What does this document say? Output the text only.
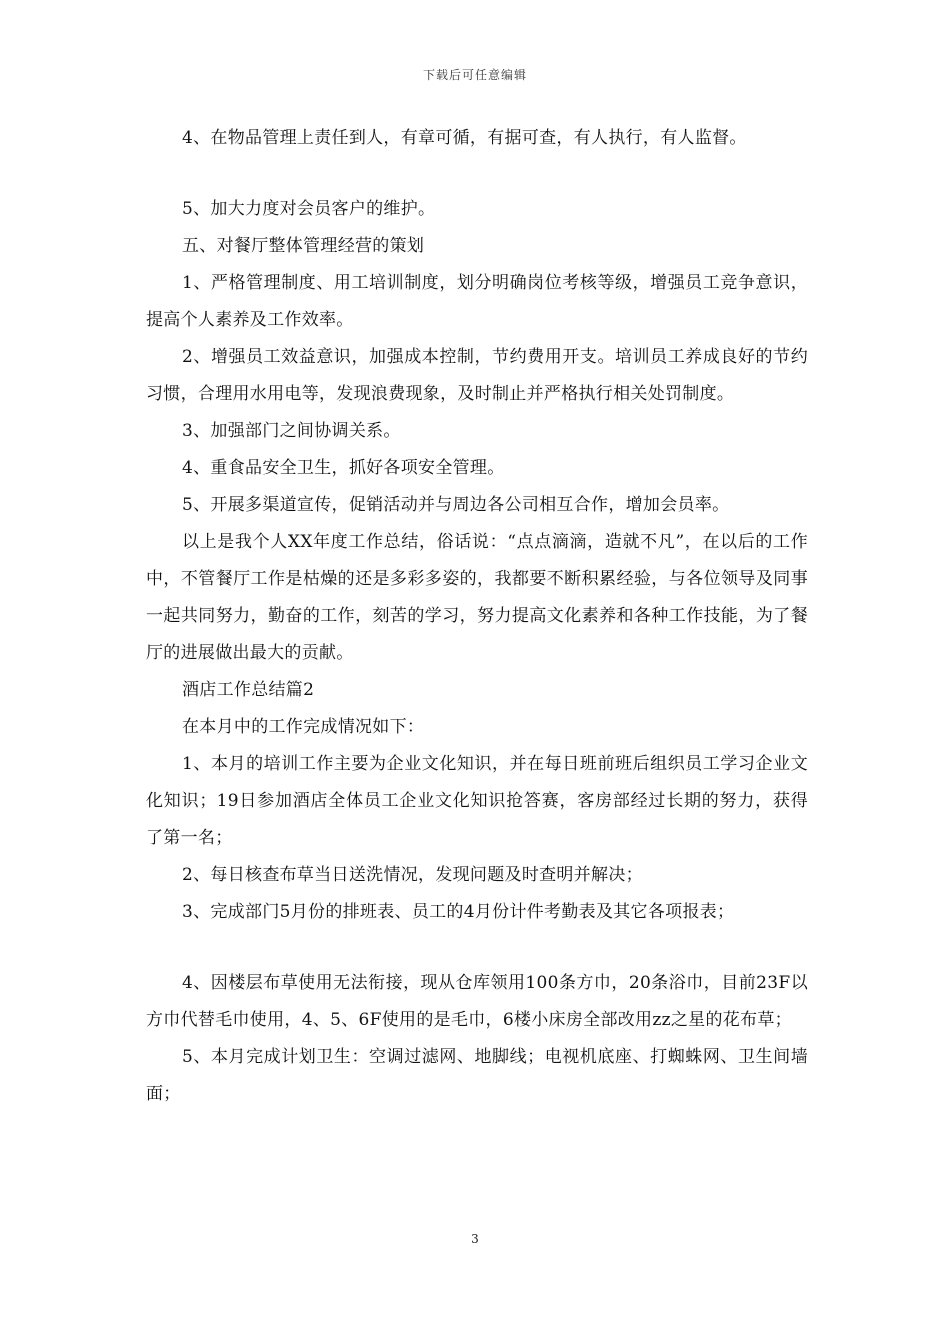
下载后可任意编辑

4、在物品管理上责任到人，有章可循，有据可查，有人执行，有人监督。

5、加大力度对会员客户的维护。

五、对餐厅整体管理经营的策划

1、严格管理制度、用工培训制度，划分明确岗位考核等级，增强员工竞争意识，提高个人素养及工作效率。

2、增强员工效益意识，加强成本控制，节约费用开支。培训员工养成良好的节约习惯，合理用水用电等，发现浪费现象，及时制止并严格执行相关处罚制度。

3、加强部门之间协调关系。

4、重食品安全卫生，抓好各项安全管理。

5、开展多渠道宣传，促销活动并与周边各公司相互合作，增加会员率。

以上是我个人XX年度工作总结，俗话说：“点点滴滴，造就不凡”，在以后的工作中，不管餐厅工作是枯燥的还是多彩多姿的，我都要不断积累经验，与各位领导及同事一起共同努力，勤奋的工作，刻苦的学习，努力提高文化素养和各种工作技能，为了餐厅的进展做出最大的贡献。

酒店工作总结篇2

在本月中的工作完成情况如下：

1、本月的培训工作主要为企业文化知识，并在每日班前班后组织员工学习企业文化知识；19日参加酒店全体员工企业文化知识抢答赛，客房部经过长期的努力，获得了第一名；

2、每日核查布草当日送洗情况，发现问题及时查明并解决；

3、完成部门5月份的排班表、员工的4月份计件考勤表及其它各项报表；

4、因楼层布草使用无法衔接，现从仓库领用100条方巾，20条浴巾，目前23F以方巾代替毛巾使用，4、5、6F使用的是毛巾，6楼小床房全部改用zz之星的花布草；

5、本月完成计划卫生：空调过滤网、地脚线；电视机底座、打蜘蛛网、卫生间墙面；

3
